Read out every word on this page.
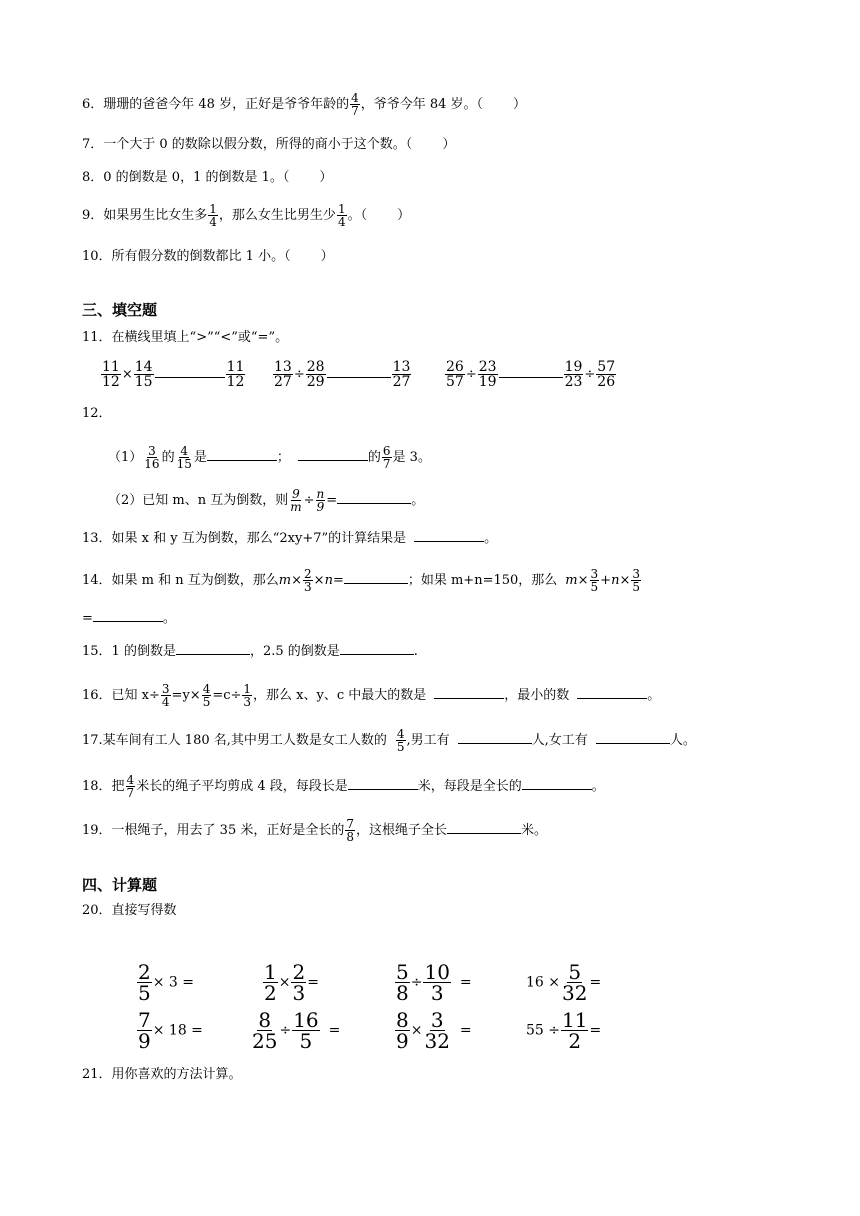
6．珊珊的爸爸今年 48 岁，正好是爷爷年龄的 $\frac{4}{7}$ ，爷爷今年 84 岁。（ ）
7．一个大于 0 的数除以假分数，所得的商小于这个数。（ ）
8．0 的倒数是 0，1 的倒数是 1。（ ）
9．如果男生比女生多 $\frac{1}{4}$ ，那么女生比男生少 $\frac{1}{4}$ 。（ ）
10．所有假分数的倒数都比 1 小。（ ）
三、填空题
11．在横线里填上“>”“<”或“=”。
$\frac{11}{12} \times \frac{14}{15}$	$\frac{11}{12} \frac{13}{27} \div \frac{28}{29}$	$\frac{13}{27} \frac{26}{57} \div \frac{23}{19}$	$\frac{19}{23} \div \frac{57}{26}$
12．
$(1) \frac{3}{16}$ 的 $\frac{4}{15}$ 是	；	的 $\frac{6}{7}$ 是 3。
（2）已知 m、n 互为倒数，则 $\frac{9}{m} \div \frac{n}{9}$ =	。
13．如果 x 和 y 互为倒数，那么“2xy+7”的计算结果是	。
14．如果 m 和 n 互为倒数，那么$m\times \frac{2}{3} \times n=$	；如果 m+n=150，那么 $m\times \frac{3}{5} +n\times \frac{3}{5}$
=	。
15．1 的倒数是	，2.5 的倒数是	.
16．已知 $x\div \frac{3}{4} =y\times \frac{4}{5} =c\div \frac{1}{3}$ ，那么 x、y、c 中最大的数是	，最小的数	。
17.某车间有工人 180 名,其中男工人数是女工人数的 $\frac{4}{5}$ ,男工有	人,女工有	人。
18．把 $\frac{4}{7}$ 米长的绳子平均剪成 4 段，每段长是	米，每段是全长的	。
19．一根绳子，用去了 35 米，正好是全长的 $\frac{7}{8}$ ，这根绳子全长	米。
四、计算题
20．直接写得数
$\frac{2}{5} \times 3$ =	$\frac{1}{2} \times \frac{2}{3}$ =	$\frac{5}{8} \div \frac{10}{3}$ =	$16 \times \frac{5}{32}$ =
$\frac{7}{9} \times 18 = \frac{8}{25} \div \frac{16}{5}$ =	$\frac{8}{9} \times \frac{3}{32}$ =	$55 \div \frac{11}{2}$ =
21．用你喜欢的方法计算。
